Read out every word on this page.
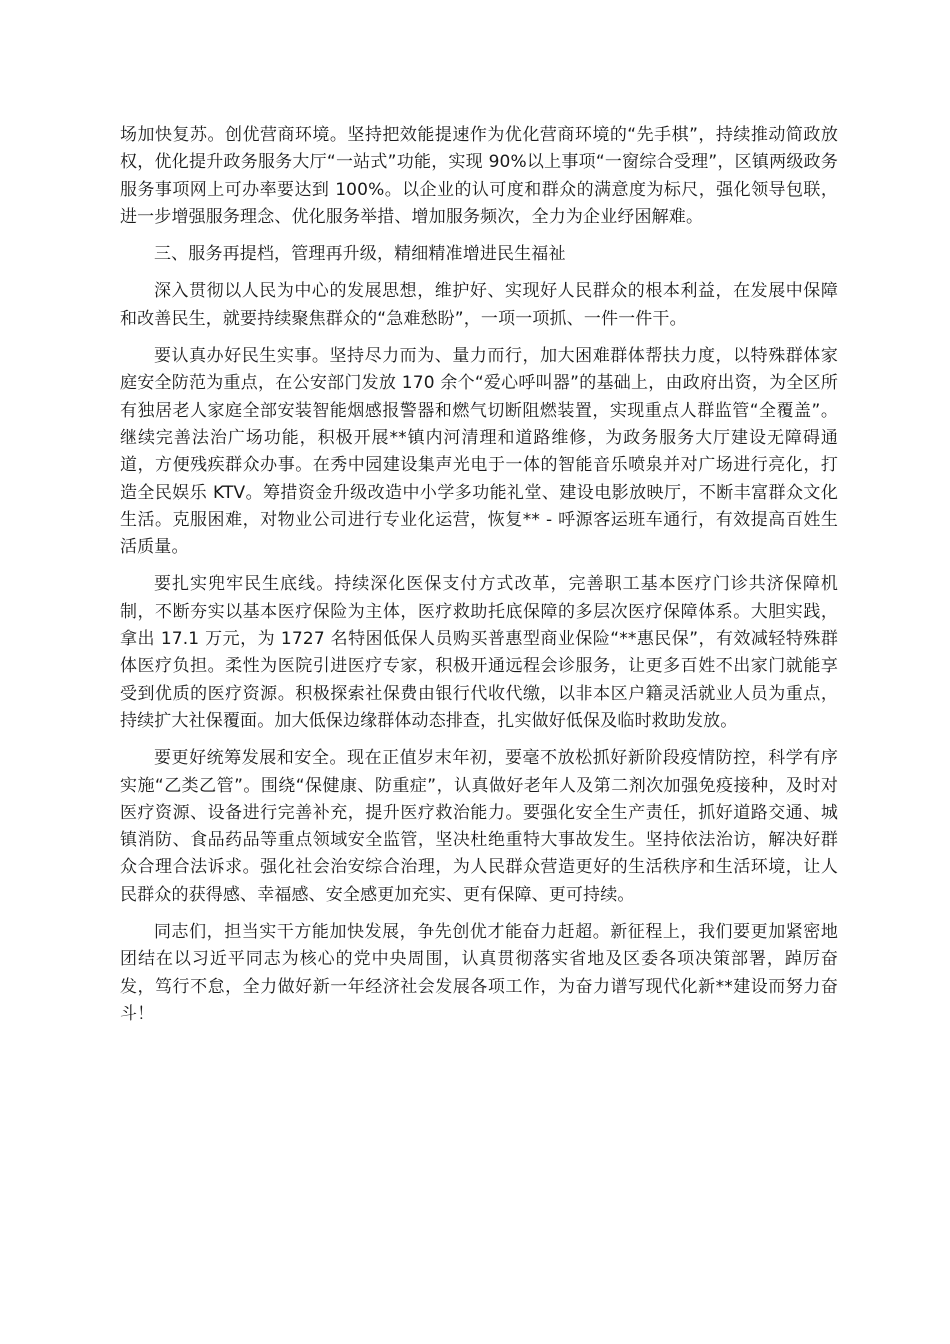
场加快复苏。创优营商环境。坚持把效能提速作为优化营商环境的“先手棋”，持续推动简政放权，优化提升政务服务大厅“一站式”功能，实现 90%以上事项“一窗综合受理”，区镇两级政务服务事项网上可办率要达到 100%。以企业的认可度和群众的满意度为标尺，强化领导包联，进一步增强服务理念、优化服务举措、增加服务频次，全力为企业纾困解难。

三、服务再提档，管理再升级，精细精准增进民生福祉

深入贯彻以人民为中心的发展思想，维护好、实现好人民群众的根本利益，在发展中保障和改善民生，就要持续聚焦群众的“急难愁盼”，一项一项抓、一件一件干。

要认真办好民生实事。坚持尽力而为、量力而行，加大困难群体帮扶力度，以特殊群体家庭安全防范为重点，在公安部门发放 170 余个“爱心呼叫器”的基础上，由政府出资，为全区所有独居老人家庭全部安装智能烟感报警器和燃气切断阻燃装置，实现重点人群监管“全覆盖”。继续完善法治广场功能，积极开展**镇内河清理和道路维修，为政务服务大厅建设无障碍通道，方便残疾群众办事。在秀中园建设集声光电于一体的智能音乐喷泉并对广场进行亮化，打造全民娱乐 KTV。筹措资金升级改造中小学多功能礼堂、建设电影放映厅，不断丰富群众文化生活。克服困难，对物业公司进行专业化运营，恢复** - 呼源客运班车通行，有效提高百姓生活质量。

要扎实兜牢民生底线。持续深化医保支付方式改革，完善职工基本医疗门诊共济保障机制，不断夯实以基本医疗保险为主体，医疗救助托底保障的多层次医疗保障体系。大胆实践，拿出 17.1 万元，为 1727 名特困低保人员购买普惠型商业保险“**惠民保”，有效减轻特殊群体医疗负担。柔性为医院引进医疗专家，积极开通远程会诊服务，让更多百姓不出家门就能享受到优质的医疗资源。积极探索社保费由银行代收代缴，以非本区户籍灵活就业人员为重点，持续扩大社保覆面。加大低保边缘群体动态排查，扎实做好低保及临时救助发放。

要更好统筹发展和安全。现在正值岁末年初，要毫不放松抓好新阶段疫情防控，科学有序实施“乙类乙管”。围绕“保健康、防重症”，认真做好老年人及第二剂次加强免疫接种，及时对医疗资源、设备进行完善补充，提升医疗救治能力。要强化安全生产责任，抓好道路交通、城镇消防、食品药品等重点领域安全监管，坚决杜绝重特大事故发生。坚持依法治访，解决好群众合理合法诉求。强化社会治安综合治理，为人民群众营造更好的生活秩序和生活环境，让人民群众的获得感、幸福感、安全感更加充实、更有保障、更可持续。

同志们，担当实干方能加快发展，争先创优才能奋力赶超。新征程上，我们要更加紧密地团结在以习近平同志为核心的党中央周围，认真贯彻落实省地及区委各项决策部署，踔厉奋发，笃行不怠，全力做好新一年经济社会发展各项工作，为奋力谱写现代化新**建设而努力奋斗！
